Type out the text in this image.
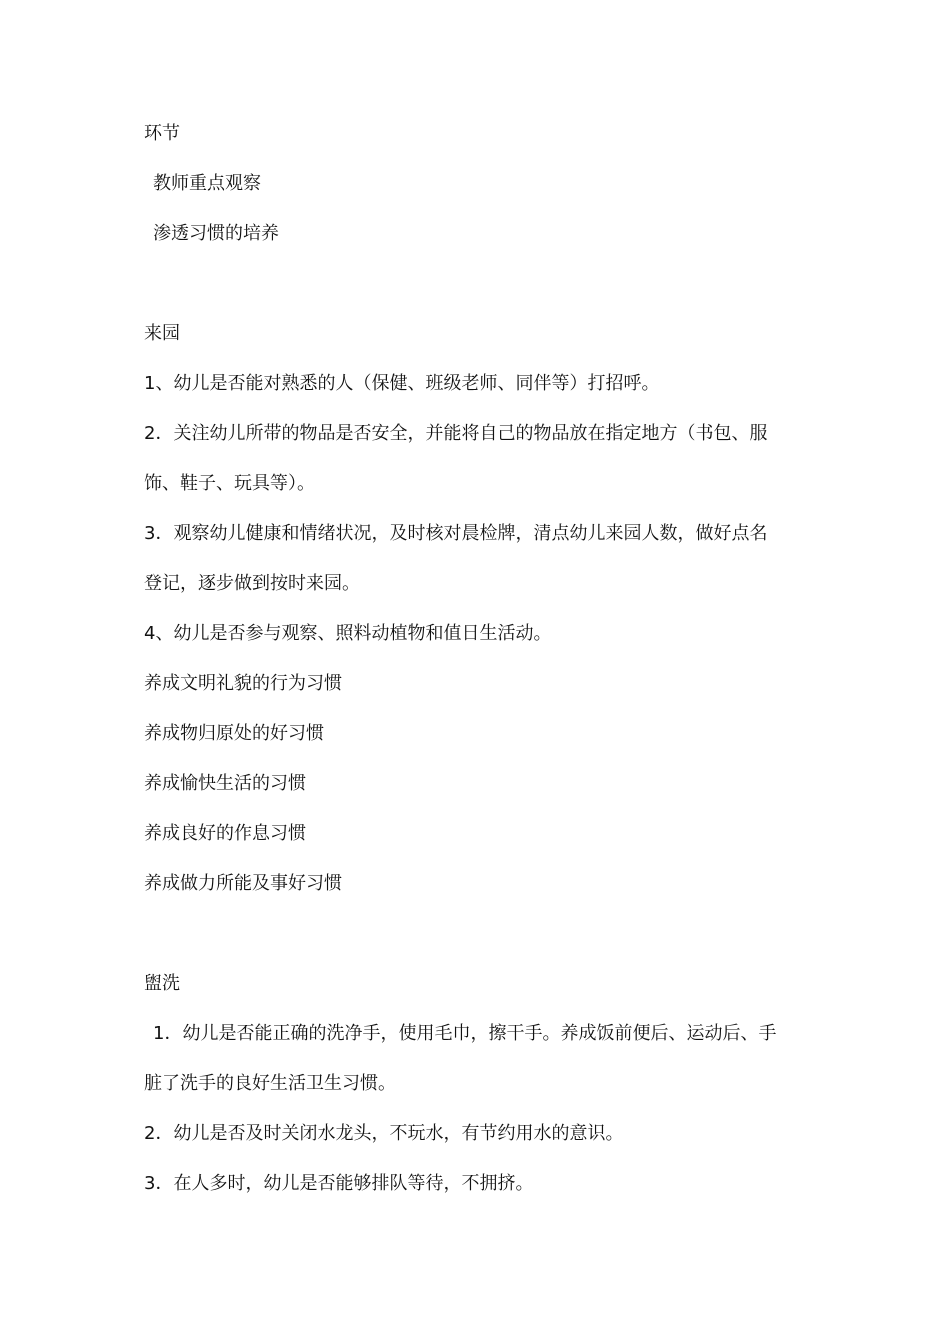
环节
教师重点观察
渗透习惯的培养
来园
1、幼儿是否能对熟悉的人（保健、班级老师、同伴等）打招呼。
2．关注幼儿所带的物品是否安全，并能将自己的物品放在指定地方（书包、服
饰、鞋子、玩具等）。
3．观察幼儿健康和情绪状况，及时核对晨检牌，清点幼儿来园人数，做好点名
登记，逐步做到按时来园。
4、幼儿是否参与观察、照料动植物和值日生活动。
养成文明礼貌的行为习惯
养成物归原处的好习惯
养成愉快生活的习惯
养成良好的作息习惯
养成做力所能及事好习惯
盥洗
1．幼儿是否能正确的洗净手，使用毛巾，擦干手。养成饭前便后、运动后、手
脏了洗手的良好生活卫生习惯。
2．幼儿是否及时关闭水龙头，不玩水，有节约用水的意识。
3．在人多时，幼儿是否能够排队等待，不拥挤。
